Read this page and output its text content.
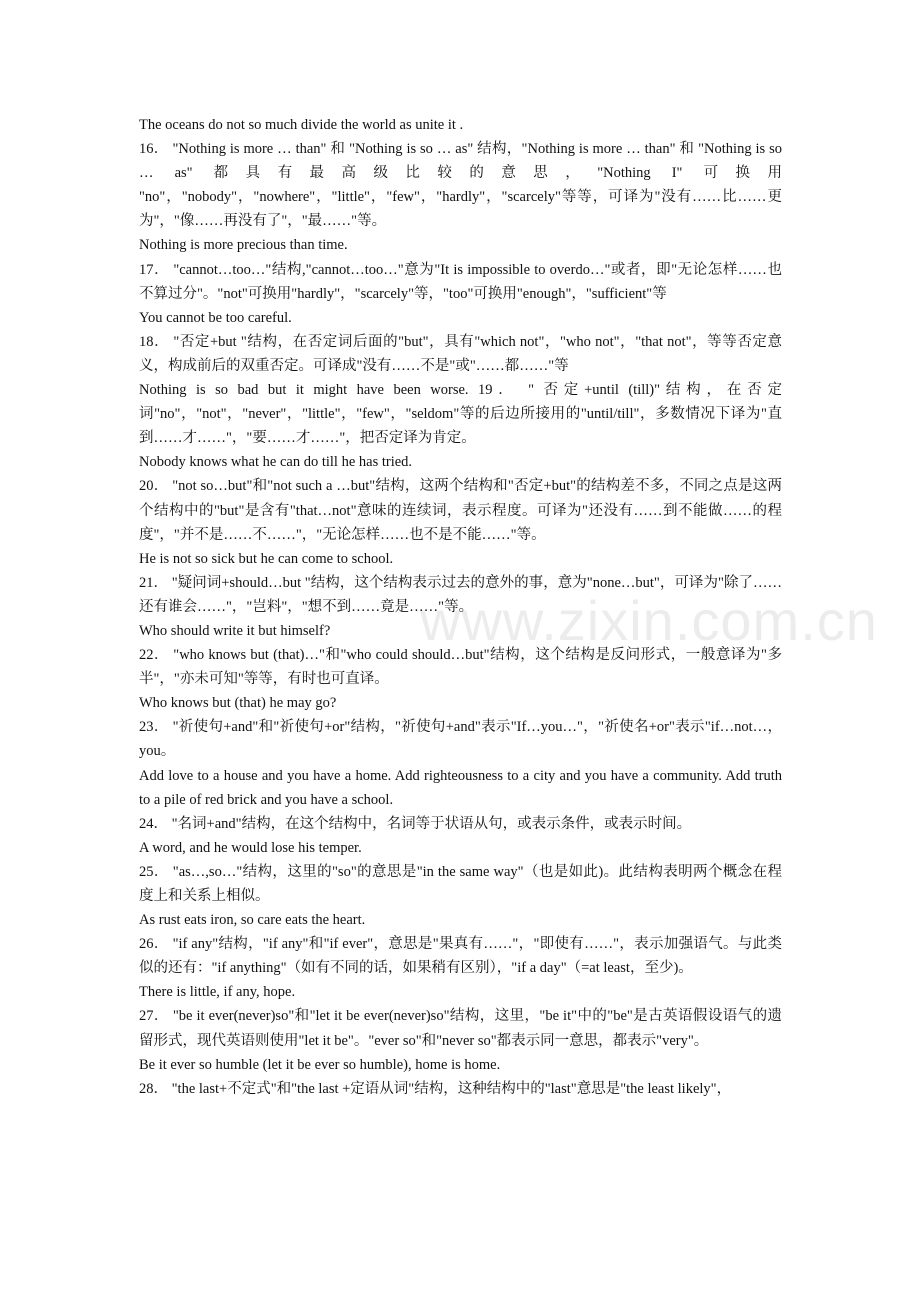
The oceans do not so much divide the world as unite it .

16． "Nothing is more … than" 和 "Nothing is so … as" 结构，"Nothing is more … than" 和 "Nothing is so … as" 都具有最高级比较的意思，"Nothing I" 可换用 "no"，"nobody"，"nowhere"，"little"，"few"，"hardly"，"scarcely"等等，可译为"没有……比……更为"，"像……再没有了"，"最……"等。

Nothing is more precious than time.

17． "cannot…too…"结构,"cannot…too…"意为"It is impossible to overdo…"或者，即"无论怎样……也不算过分"。"not"可换用"hardly"，"scarcely"等，"too"可换用"enough"，"sufficient"等

You cannot be too careful.

18． "否定+but "结构，在否定词后面的"but"，具有"which not"，"who not"，"that not"，等等否定意义，构成前后的双重否定。可译成"没有……不是"或"……都……"等

Nothing is so bad but it might have been worse. 19． " 否定+until (till)"结构，在否定词"no"，"not"，"never"，"little"，"few"，"seldom"等的后边所接用的"until/till"，多数情况下译为"直到……才……"，"要……才……"，把否定译为肯定。

Nobody knows what he can do till he has tried.

20． "not so…but"和"not such a …but"结构，这两个结构和"否定+but"的结构差不多，不同之点是这两个结构中的"but"是含有"that…not"意味的连续词，表示程度。可译为"还没有……到不能做……的程度"，"并不是……不……"，"无论怎样……也不是不能……"等。

He is not so sick but he can come to school.

21． "疑问词+should…but "结构，这个结构表示过去的意外的事，意为"none…but"，可译为"除了……还有谁会……"，"岂料"，"想不到……竟是……"等。

Who should write it but himself?

22． "who knows but (that)…"和"who could should…but"结构，这个结构是反问形式，一般意译为"多半"，"亦未可知"等等，有时也可直译。

Who knows but (that) he may go?

23． "祈使句+and"和"祈使句+or"结构，"祈使句+and"表示"If…you…"，"祈使名+or"表示"if…not…，you。

Add love to a house and you have a home. Add righteousness to a city and you have a community. Add truth to a pile of red brick and you have a school.

24． "名词+and"结构，在这个结构中，名词等于状语从句，或表示条件，或表示时间。

A word, and he would lose his temper.

25． "as…,so…"结构，这里的"so"的意思是"in the same way"（也是如此)。此结构表明两个概念在程度上和关系上相似。

As rust eats iron, so care eats the heart.

26． "if any"结构，"if any"和"if ever"，意思是"果真有……"，"即使有……"，表示加强语气。与此类似的还有："if anything"（如有不同的话，如果稍有区别），"if a day"（=at least，至少)。

There is little, if any, hope.

27． "be it ever(never)so"和"let it be ever(never)so"结构，这里，"be it"中的"be"是古英语假设语气的遗留形式，现代英语则使用"let it be"。"ever so"和"never so"都表示同一意思，都表示"very"。

Be it ever so humble (let it be ever so humble), home is home.

28． "the last+不定式"和"the last +定语从词"结构，这种结构中的"last"意思是"the least likely"，

www.zixin.com.cn
